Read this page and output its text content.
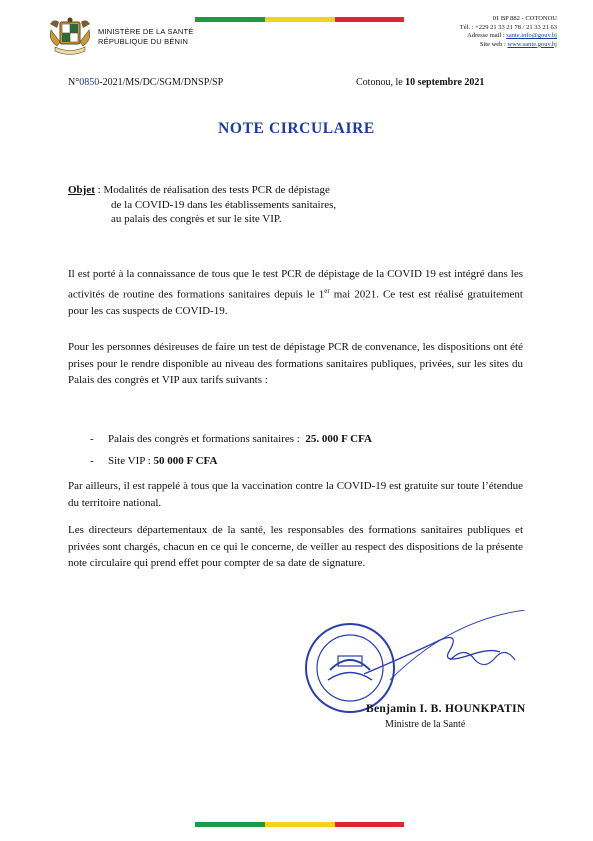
MINISTÈRE DE LA SANTÉ
RÉPUBLIQUE DU BÉNIN
01 BP 882 - COTONOU
Tél. : +229 21 33 21 78 / 21 33 21 63
Adresse mail : sante.info@gouv.bj
Site web : www.sante.gouv.bj
N°0850-2021/MS/DC/SGM/DNSP/SP	Cotonou, le 10 septembre 2021
NOTE CIRCULAIRE
Objet : Modalités de réalisation des tests PCR de dépistage
de la COVID-19 dans les établissements sanitaires,
au palais des congrès et sur le site VIP.
Il est porté à la connaissance de tous que le test PCR de dépistage de la COVID 19 est intégré dans les activités de routine des formations sanitaires depuis le 1er mai 2021. Ce test est réalisé gratuitement pour les cas suspects de COVID-19.
Pour les personnes désireuses de faire un test de dépistage PCR de convenance, les dispositions ont été prises pour le rendre disponible au niveau des formations sanitaires publiques, privées, sur les sites du Palais des congrès et VIP aux tarifs suivants :
- Palais des congrès et formations sanitaires : 25. 000 F CFA
- Site VIP : 50 000 F CFA
Par ailleurs, il est rappelé à tous que la vaccination contre la COVID-19 est gratuite sur toute l’étendue du territoire national.
Les directeurs départementaux de la santé, les responsables des formations sanitaires publiques et privées sont chargés, chacun en ce qui le concerne, de veiller au respect des dispositions de la présente note circulaire qui prend effet pour compter de sa date de signature.
Benjamin I. B. HOUNKPATIN
Ministre de la Santé
